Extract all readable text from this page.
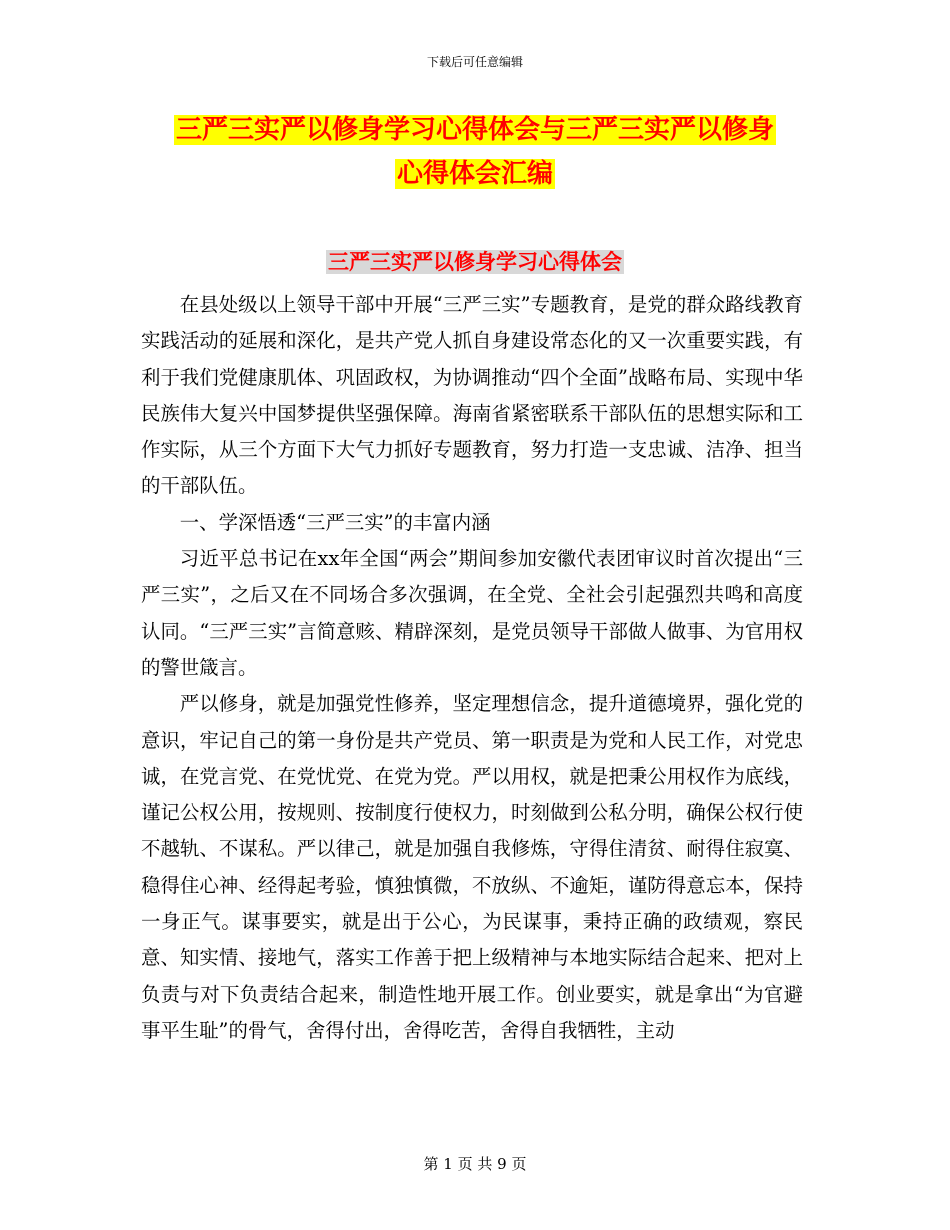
下载后可任意编辑
三严三实严以修身学习心得体会与三严三实严以修身
心得体会汇编
三严三实严以修身学习心得体会

在县处级以上领导干部中开展“三严三实”专题教育，是党的群众路线教育实践活动的延展和深化，是共产党人抓自身建设常态化的又一次重要实践，有利于我们党健康肌体、巩固政权，为协调推动“四个全面”战略布局、实现中华民族伟大复兴中国梦提供坚强保障。海南省紧密联系干部队伍的思想实际和工作实际，从三个方面下大气力抓好专题教育，努力打造一支忠诚、洁净、担当的干部队伍。

一、学深悟透“三严三实”的丰富内涵

习近平总书记在xx年全国“两会”期间参加安徽代表团审议时首次提出“三严三实”，之后又在不同场合多次强调，在全党、全社会引起强烈共鸣和高度认同。“三严三实”言简意赅、精辟深刻，是党员领导干部做人做事、为官用权的警世箴言。

严以修身，就是加强党性修养，坚定理想信念，提升道德境界，强化党的意识，牢记自己的第一身份是共产党员、第一职责是为党和人民工作，对党忠诚，在党言党、在党忧党、在党为党。严以用权，就是把秉公用权作为底线，谨记公权公用，按规则、按制度行使权力，时刻做到公私分明，确保公权行使不越轨、不谋私。严以律己，就是加强自我修炼，守得住清贫、耐得住寂寞、稳得住心神、经得起考验，慎独慎微，不放纵、不逾矩，谨防得意忘本，保持一身正气。谋事要实，就是出于公心，为民谋事，秉持正确的政绩观，察民意、知实情、接地气，落实工作善于把上级精神与本地实际结合起来、把对上负责与对下负责结合起来，制造性地开展工作。创业要实，就是拿出“为官避事平生耻”的骨气，舍得付出，舍得吃苦，舍得自我牺牲，主动

第 1 页 共 9 页
